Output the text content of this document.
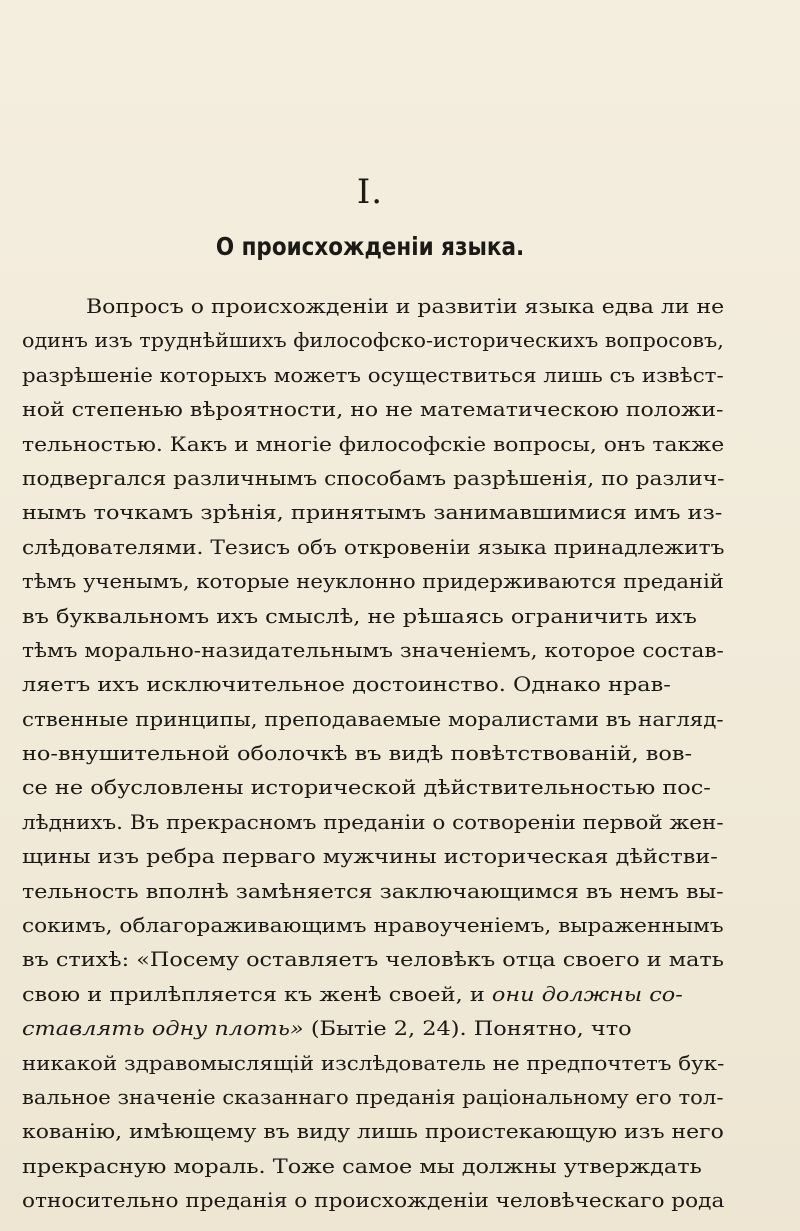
I.
О происхожденіи языка.
Вопросъ о происхожденіи и развитіи языка едва ли не
одинъ изъ труднѣйшихъ философско-историческихъ вопросовъ,
разрѣшеніе которыхъ можетъ осуществиться лишь съ извѣст-
ной степенью вѣроятности, но не математическою положи-
тельностью. Какъ и многіе философскіе вопросы, онъ также
подвергался различнымъ способамъ разрѣшенія, по различ-
нымъ точкамъ зрѣнія, принятымъ занимавшимися имъ из-
слѣдователями. Тезисъ объ откровеніи языка принадлежитъ
тѣмъ ученымъ, которые неуклонно придерживаются преданій
въ буквальномъ ихъ смыслѣ, не рѣшаясь ограничить ихъ
тѣмъ морально-назидательнымъ значеніемъ, которое состав-
ляетъ ихъ исключительное достоинство. Однако нрав-
ственные принципы, преподаваемые моралистами въ нагляд-
но-внушительной оболочкѣ въ видѣ повѣтствованій, вов-
се не обусловлены исторической дѣйствительностью пос-
лѣднихъ. Въ прекрасномъ преданіи о сотвореніи первой жен-
щины изъ ребра перваго мужчины историческая дѣйстви-
тельность вполнѣ замѣняется заключающимся въ немъ вы-
сокимъ, облагораживающимъ нравоученіемъ, выраженнымъ
въ стихѣ: «Посему оставляетъ человѣкъ отца своего и мать
свою и прилѣпляется къ женѣ своей, и они должны со-
ставлять одну плоть» (Бытіе 2, 24). Понятно, что
никакой здравомыслящій изслѣдователь не предпочтетъ бук-
вальное значеніе сказаннаго преданія раціональному его тол-
кованію, имѣющему въ виду лишь проистекающую изъ него
прекрасную мораль. Тоже самое мы должны утверждать
относительно преданія о происхожденіи человѣческаго рода
